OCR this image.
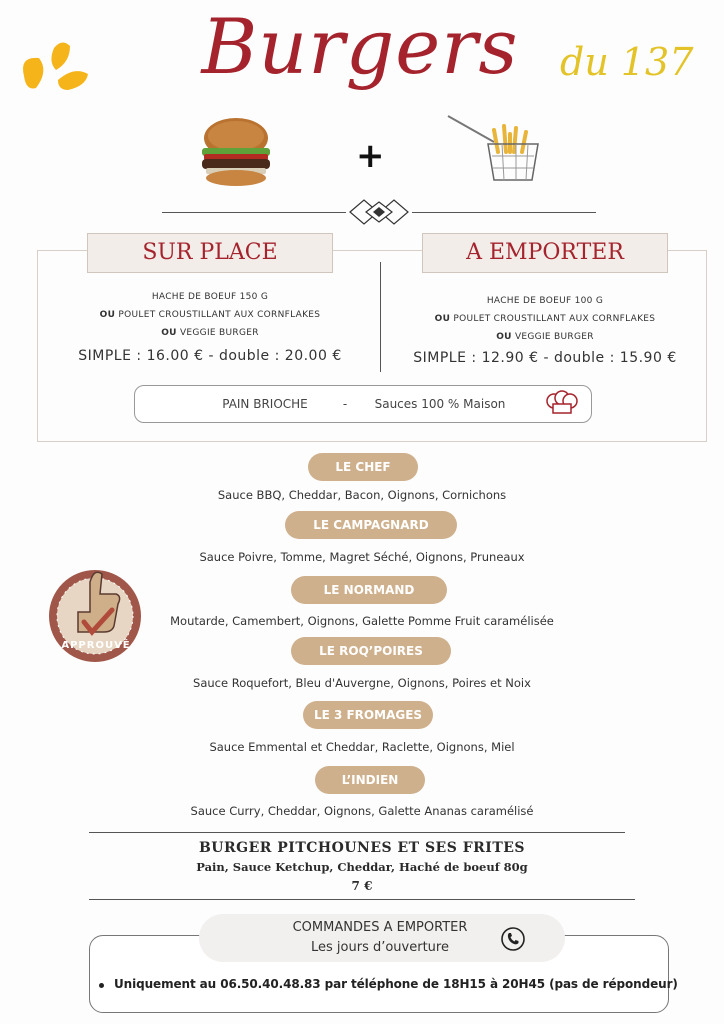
Burgers	du 137
+
SUR PLACE
HACHE DE BOEUF 150 G
OU POULET CROUSTILLANT AUX CORNFLAKES
OU VEGGIE BURGER
SIMPLE : 16.00 € - double : 20.00 €
A EMPORTER
HACHE DE BOEUF 100 G
OU POULET CROUSTILLANT AUX CORNFLAKES
OU VEGGIE BURGER
SIMPLE : 12.90 € - double : 15.90 €
PAIN BRIOCHE	-	Sauces 100 % Maison
LE CHEF
Sauce BBQ, Cheddar, Bacon, Oignons, Cornichons
LE CAMPAGNARD
Sauce Poivre, Tomme, Magret Séché, Oignons, Pruneaux
LE NORMAND
Moutarde, Camembert, Oignons, Galette Pomme Fruit caramélisée
LE ROQ’POIRES
Sauce Roquefort, Bleu d'Auvergne, Oignons, Poires et Noix
LE 3 FROMAGES
Sauce Emmental et Cheddar, Raclette, Oignons, Miel
L’INDIEN
Sauce Curry, Cheddar, Oignons, Galette Ananas caramélisé
APPROUVÉ
BURGER PITCHOUNES ET SES FRITES
Pain, Sauce Ketchup, Cheddar, Haché de boeuf 80g
7 €
COMMANDES A EMPORTER
Les jours d’ouverture
Uniquement au 06.50.40.48.83 par téléphone de 18H15 à 20H45 (pas de répondeur)
